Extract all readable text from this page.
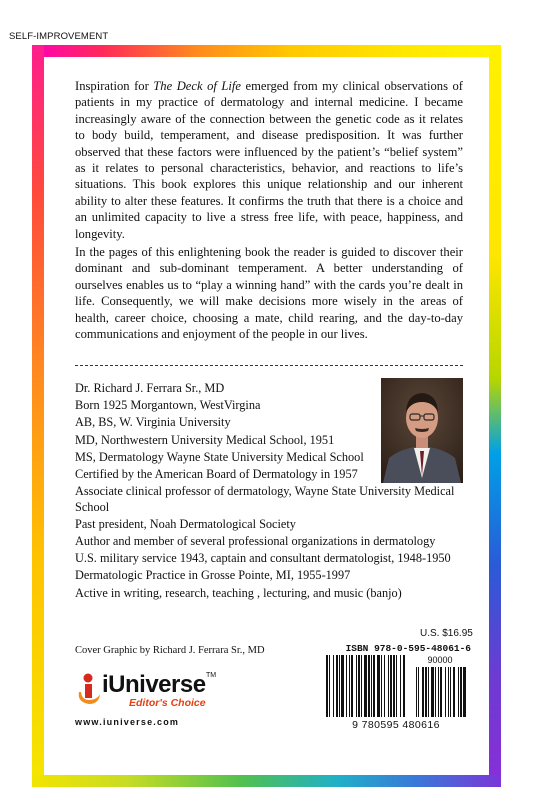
SELF-IMPROVEMENT

Inspiration for The Deck of Life emerged from my clinical observations of patients in my practice of dermatology and internal medicine. I became increasingly aware of the connection between the genetic code as it relates to body build, temperament, and disease predisposition. It was further observed that these factors were influenced by the patient’s “belief system” as it relates to personal characteristics, behavior, and reactions to life’s situations. This book explores this unique relationship and our inherent ability to alter these features. It confirms the truth that there is a choice and an unlimited capacity to live a stress free life, with peace, happiness, and longevity.

In the pages of this enlightening book the reader is guided to discover their dominant and sub-dominant temperament. A better understanding of ourselves enables us to “play a winning hand” with the cards you’re dealt in life. Consequently, we will make decisions more wisely in the areas of health, career choice, choosing a mate, child rearing, and the day-to-day communications and enjoyment of the people in our lives.

Dr. Richard J. Ferrara Sr., MD
Born 1925 Morgantown, WestVirgina
AB, BS, W. Virginia University
MD, Northwestern University Medical School, 1951
MS, Dermatology Wayne State University Medical School
Certified by the American Board of Dermatology in 1957
Associate clinical professor of dermatology, Wayne State University Medical School
Past president, Noah Dermatological Society
Author and member of several professional organizations in dermatology
U.S. military service 1943, captain and consultant dermatologist, 1948-1950
Dermatologic Practice in Grosse Pointe, MI, 1955-1997
Active in writing, research, teaching , lecturing, and music (banjo)
U.S. $16.95
Cover Graphic by Richard J. Ferrara Sr., MD	ISBN 978-0-595-48061-6
90000
9 780595 480616
iUniverse TM
Editor's Choice
www.iuniverse.com
